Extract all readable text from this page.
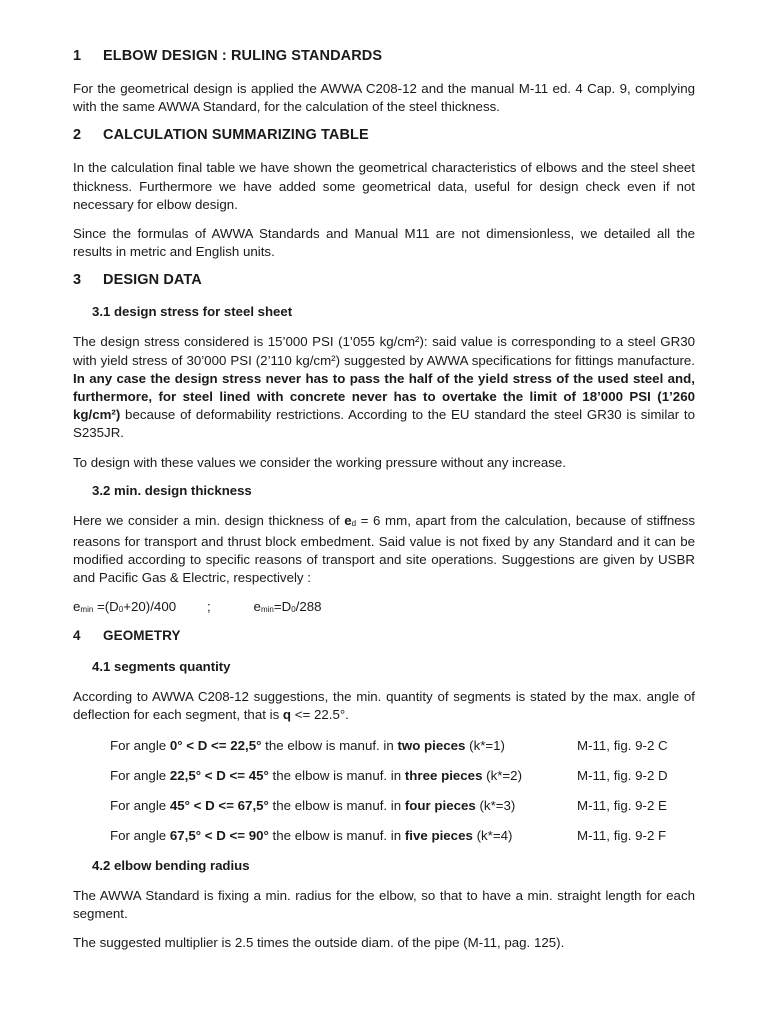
1 ELBOW DESIGN : RULING STANDARDS

For the geometrical design is applied the AWWA C208-12 and the manual M-11 ed. 4 Cap. 9, complying with the same AWWA Standard, for the calculation of the steel thickness.

2 CALCULATION SUMMARIZING TABLE

In the calculation final table we have shown the geometrical characteristics of elbows and the steel sheet thickness. Furthermore we have added some geometrical data, useful for design check even if not necessary for elbow design.

Since the formulas of AWWA Standards and Manual M11 are not dimensionless, we detailed all the results in metric and English units.

3 DESIGN DATA
3.1 design stress for steel sheet

The design stress considered is 15’000 PSI (1’055 kg/cm²): said value is corresponding to a steel GR30 with yield stress of 30’000 PSI (2’110 kg/cm²) suggested by AWWA specifications for fittings manufacture. In any case the design stress never has to pass the half of the yield stress of the used steel and, furthermore, for steel lined with concrete never has to overtake the limit of 18’000 PSI (1’260 kg/cm²) because of deformability restrictions. According to the EU standard the steel GR30 is similar to S235JR.

To design with these values we consider the working pressure without any increase.

3.2 min. design thickness

Here we consider a min. design thickness of $e_d = 6$ mm, apart from the calculation, because of stiffness reasons for transport and thrust block embedment. Said value is not fixed by any Standard and it can be modified according to specific reasons of transport and site operations. Suggestions are given by USBR and Pacific Gas & Electric, respectively :

$e_{min} =(D_0+20)/400$ ;	$e_{min}=D_0/288$
4 GEOMETRY
4.1 segments quantity

According to AWWA C208-12 suggestions, the min. quantity of segments is stated by the max. angle of deflection for each segment, that is q <= 22.5°.

For angle 0° < D <= 22,5° the elbow is manuf. in two pieces (k*=1)	M-11, fig. 9-2 C
For angle 22,5° < D <= 45° the elbow is manuf. in three pieces (k*=2)	M-11, fig. 9-2 D
For angle 45° < D <= 67,5° the elbow is manuf. in four pieces (k*=3)	M-11, fig. 9-2 E
For angle 67,5° < D <= 90° the elbow is manuf. in five pieces (k*=4)	M-11, fig. 9-2 F
4.2 elbow bending radius

The AWWA Standard is fixing a min. radius for the elbow, so that to have a min. straight length for each segment.

The suggested multiplier is 2.5 times the outside diam. of the pipe (M-11, pag. 125).
